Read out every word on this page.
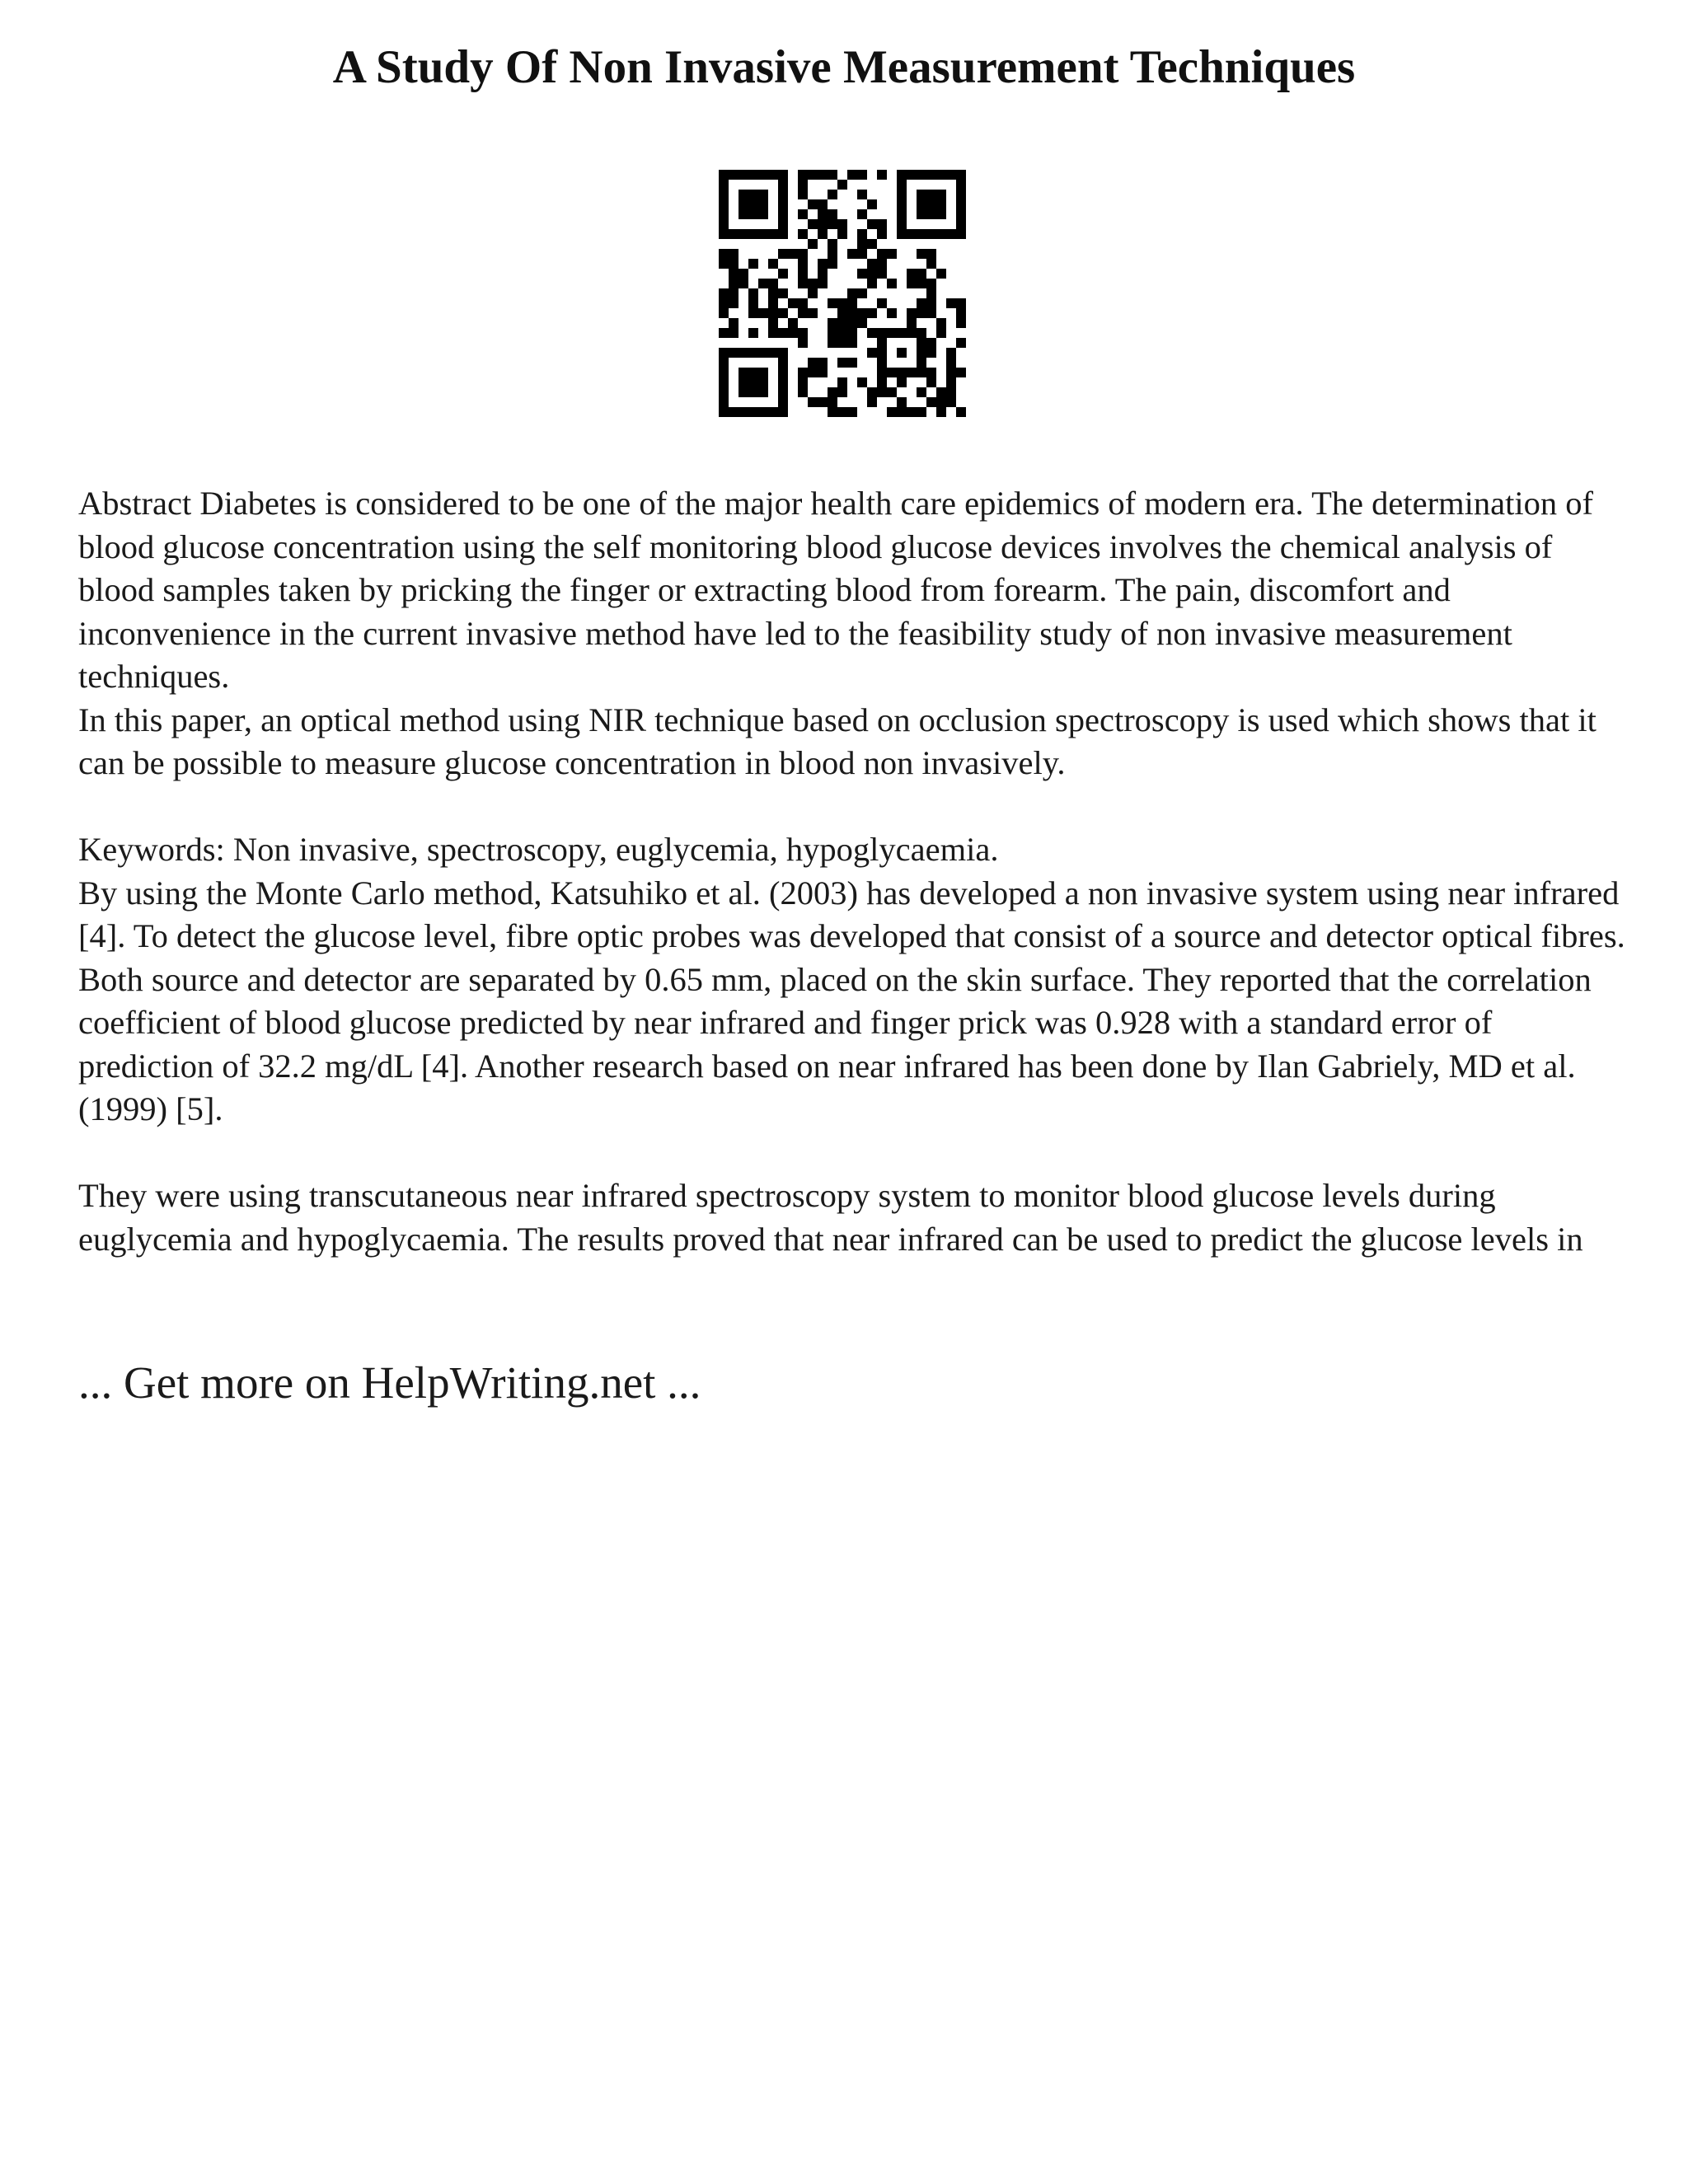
A Study Of Non Invasive Measurement Techniques

Abstract Diabetes is considered to be one of the major health care epidemics of modern era. The determination of blood glucose concentration using the self monitoring blood glucose devices involves the chemical analysis of blood samples taken by pricking the finger or extracting blood from forearm. The pain, discomfort and inconvenience in the current invasive method have led to the feasibility study of non invasive measurement techniques.

In this paper, an optical method using NIR technique based on occlusion spectroscopy is used which shows that it can be possible to measure glucose concentration in blood non invasively.

Keywords: Non invasive, spectroscopy, euglycemia, hypoglycaemia.

By using the Monte Carlo method, Katsuhiko et al. (2003) has developed a non invasive system using near infrared [4]. To detect the glucose level, fibre optic probes was developed that consist of a source and detector optical fibres. Both source and detector are separated by 0.65 mm, placed on the skin surface. They reported that the correlation coefficient of blood glucose predicted by near infrared and finger prick was 0.928 with a standard error of prediction of 32.2 mg/dL [4]. Another research based on near infrared has been done by Ilan Gabriely, MD et al. (1999) [5].

They were using transcutaneous near infrared spectroscopy system to monitor blood glucose levels during euglycemia and hypoglycaemia. The results proved that near infrared can be used to predict the glucose levels in

... Get more on HelpWriting.net ...
